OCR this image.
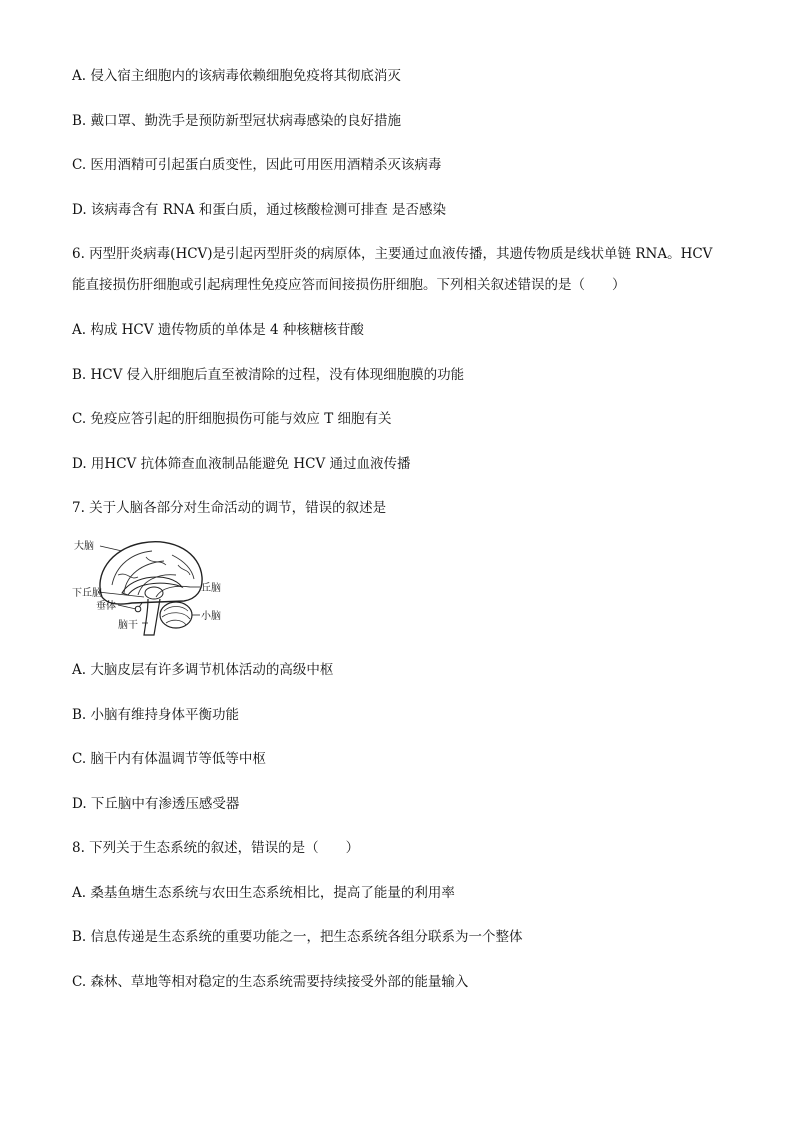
A. 侵入宿主细胞内的该病毒依赖细胞免疫将其彻底消灭
B. 戴口罩、勤洗手是预防新型冠状病毒感染的良好措施
C. 医用酒精可引起蛋白质变性，因此可用医用酒精杀灭该病毒
D. 该病毒含有 RNA 和蛋白质，通过核酸检测可排查 是否感染
6. 丙型肝炎病毒(HCV)是引起丙型肝炎的病原体，主要通过血液传播，其遗传物质是线状单链 RNA。HCV
能直接损伤肝细胞或引起病理性免疫应答而间接损伤肝细胞。下列相关叙述错误的是（　　）
A. 构成 HCV 遗传物质的单体是 4 种核糖核苷酸
B. HCV 侵入肝细胞后直至被清除的过程，没有体现细胞膜的功能
C. 免疫应答引起的肝细胞损伤可能与效应 T 细胞有关
D. 用HCV 抗体筛查血液制品能避免 HCV 通过血液传播
7. 关于人脑各部分对生命活动的调节，错误的叙述是
大脑
丘脑
下丘脑
垂体
小脑
脑干
A. 大脑皮层有许多调节机体活动的高级中枢
B. 小脑有维持身体平衡功能
C. 脑干内有体温调节等低等中枢
D. 下丘脑中有渗透压感受器
8. 下列关于生态系统的叙述，错误的是（　　）
A. 桑基鱼塘生态系统与农田生态系统相比，提高了能量的利用率
B. 信息传递是生态系统的重要功能之一，把生态系统各组分联系为一个整体
C. 森林、草地等相对稳定的生态系统需要持续接受外部的能量输入
